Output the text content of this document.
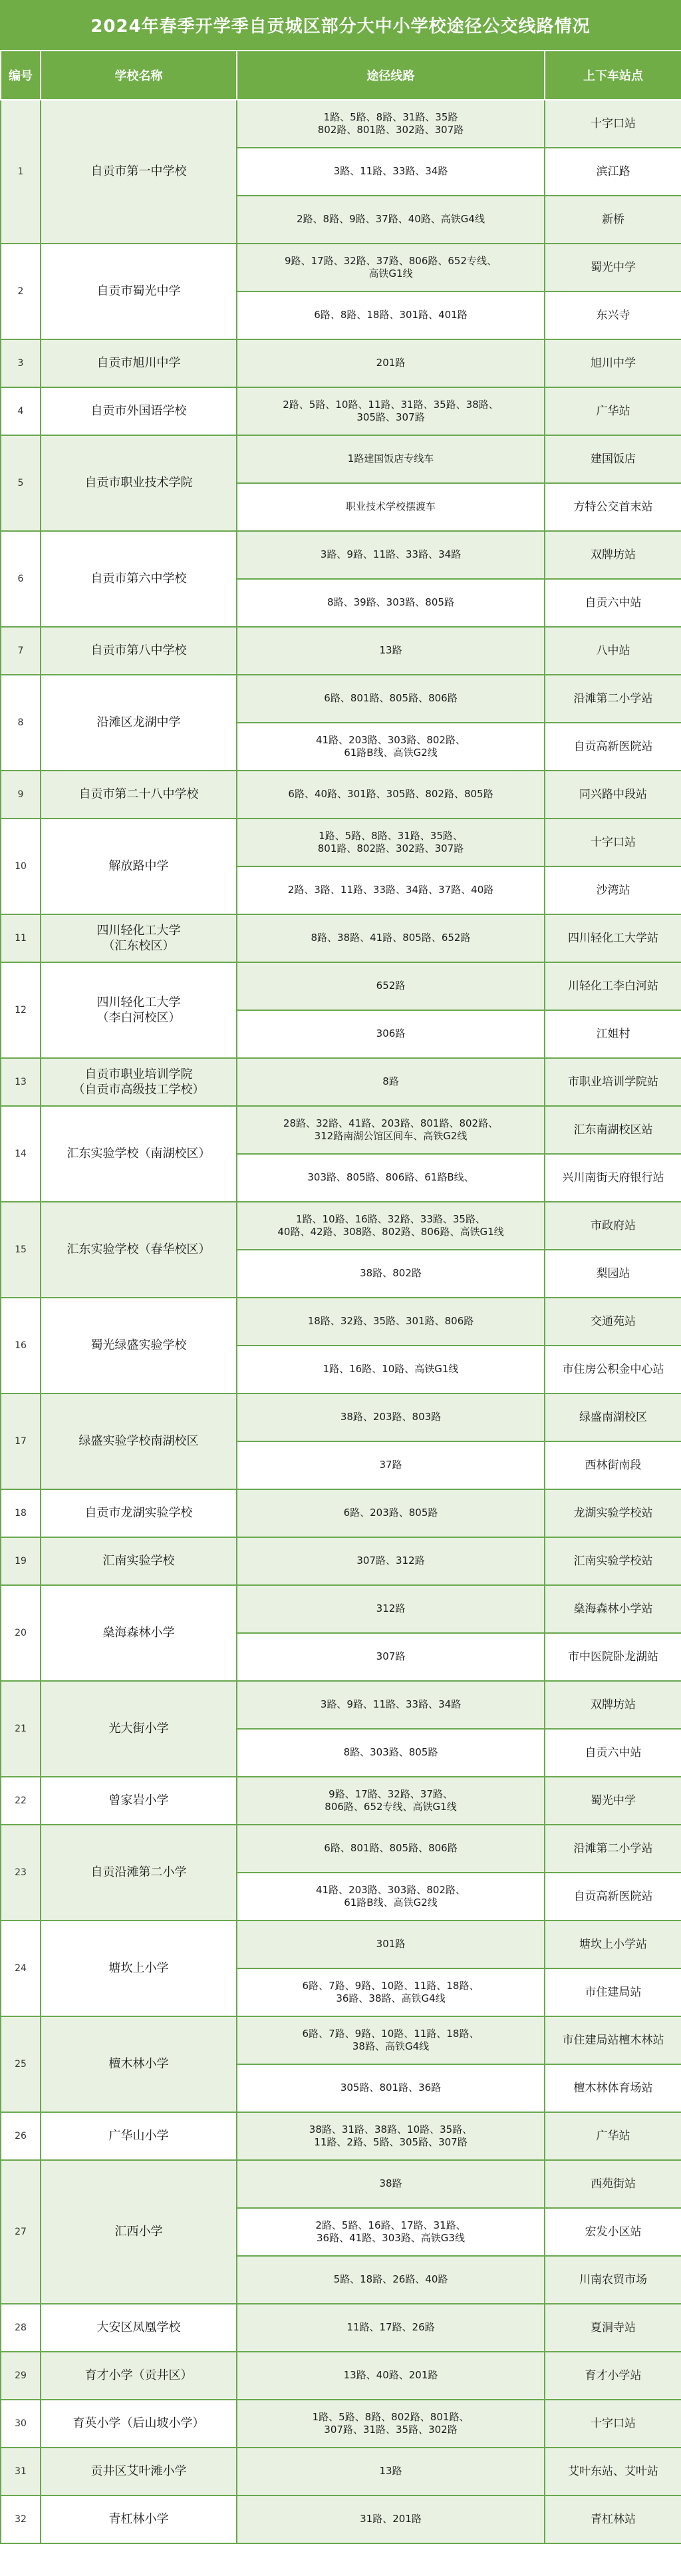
2024年春季开学季自贡城区部分大中小学校途径公交线路情况
编号	学校名称	途径线路	上下车站点
1	自贡市第一中学校	1路、5路、8路、31路、35路
802路、801路、302路、307路	十字口站
		3路、11路、33路、34路	滨江路
		2路、8路、9路、37路、40路、高铁G4线	新桥
2	自贡市蜀光中学	9路、17路、32路、37路、806路、652专线、
高铁G1线	蜀光中学
		6路、8路、18路、301路、401路	东兴寺
3	自贡市旭川中学	201路	旭川中学
4	自贡市外国语学校	2路、5路、10路、11路、31路、35路、38路、
305路、307路	广华站
5	自贡市职业技术学院	1路建国饭店专线车	建国饭店
		职业技术学校摆渡车	方特公交首末站
6	自贡市第六中学校	3路、9路、11路、33路、34路	双牌坊站
		8路、39路、303路、805路	自贡六中站
7	自贡市第八中学校	13路	八中站
8	沿滩区龙湖中学	6路、801路、805路、806路	沿滩第二小学站
		41路、203路、303路、802路、
61路B线、高铁G2线	自贡高新医院站
9	自贡市第二十八中学校	6路、40路、301路、305路、802路、805路	同兴路中段站
10	解放路中学	1路、5路、8路、31路、35路、
801路、802路、302路、307路	十字口站
		2路、3路、11路、33路、34路、37路、40路	沙湾站
11	四川轻化工大学
（汇东校区）	8路、38路、41路、805路、652路	四川轻化工大学站
12	四川轻化工大学
（李白河校区）	652路	川轻化工李白河站
		306路	江姐村
13	自贡市职业培训学院
（自贡市高级技工学校）	8路	市职业培训学院站
14	汇东实验学校（南湖校区）	28路、32路、41路、203路、801路、802路、
312路南湖公馆区间车、高铁G2线	汇东南湖校区站
		303路、805路、806路、61路B线、	兴川南街天府银行站
15	汇东实验学校（春华校区）	1路、10路、16路、32路、33路、35路、
40路、42路、308路、802路、806路、高铁G1线	市政府站
		38路、802路	梨园站
16	蜀光绿盛实验学校	18路、32路、35路、301路、806路	交通苑站
		1路、16路、10路、高铁G1线	市住房公积金中心站
17	绿盛实验学校南湖校区	38路、203路、803路	绿盛南湖校区
		37路	西林街南段
18	自贡市龙湖实验学校	6路、203路、805路	龙湖实验学校站
19	汇南实验学校	307路、312路	汇南实验学校站
20	燊海森林小学	312路	燊海森林小学站
		307路	市中医院卧龙湖站
21	光大街小学	3路、9路、11路、33路、34路	双牌坊站
		8路、303路、805路	自贡六中站
22	曾家岩小学	9路、17路、32路、37路、
806路、652专线、高铁G1线	蜀光中学
23	自贡沿滩第二小学	6路、801路、805路、806路	沿滩第二小学站
		41路、203路、303路、802路、
61路B线、高铁G2线	自贡高新医院站
24	塘坎上小学	301路	塘坎上小学站
		6路、7路、9路、10路、11路、18路、
36路、38路、高铁G4线	市住建局站
25	檀木林小学	6路、7路、9路、10路、11路、18路、
38路、高铁G4线	市住建局站檀木林站
		305路、801路、36路	檀木林体育场站
26	广华山小学	38路、31路、38路、10路、35路、
11路、2路、5路、305路、307路	广华站
27	汇西小学	38路	西苑街站
		2路、5路、16路、17路、31路、
36路、41路、303路、高铁G3线	宏发小区站
		5路、18路、26路、40路	川南农贸市场
28	大安区凤凰学校	11路、17路、26路	夏洞寺站
29	育才小学（贡井区）	13路、40路、201路	育才小学站
30	育英小学（后山坡小学）	1路、5路、8路、802路、801路、
307路、31路、35路、302路	十字口站
31	贡井区艾叶滩小学	13路	艾叶东站、艾叶站
32	青杠林小学	31路、201路	青杠林站
